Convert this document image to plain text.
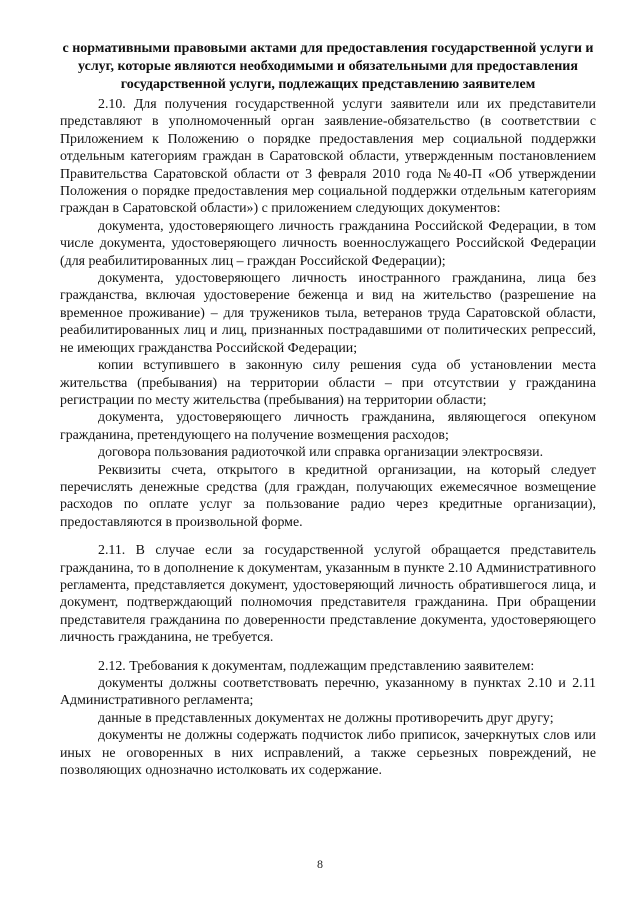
с нормативными правовыми актами для предоставления государственной услуги и услуг, которые являются необходимыми и обязательными для предоставления государственной услуги, подлежащих представлению заявителем

2.10. Для получения государственной услуги заявители или их представители представляют в уполномоченный орган заявление-обязательство (в соответствии с Приложением к Положению о порядке предоставления мер социальной поддержки отдельным категориям граждан в Саратовской области, утвержденным постановлением Правительства Саратовской области от 3 февраля 2010 года №40-П «Об утверждении Положения о порядке предоставления мер социальной поддержки отдельным категориям граждан в Саратовской области») с приложением следующих документов:

документа, удостоверяющего личность гражданина Российской Федерации, в том числе документа, удостоверяющего личность военнослужащего Российской Федерации (для реабилитированных лиц – граждан Российской Федерации);

документа, удостоверяющего личность иностранного гражданина, лица без гражданства, включая удостоверение беженца и вид на жительство (разрешение на временное проживание) – для тружеников тыла, ветеранов труда Саратовской области, реабилитированных лиц и лиц, признанных пострадавшими от политических репрессий, не имеющих гражданства Российской Федерации;

копии вступившего в законную силу решения суда об установлении места жительства (пребывания) на территории области – при отсутствии у гражданина регистрации по месту жительства (пребывания) на территории области;

документа, удостоверяющего личность гражданина, являющегося опекуном гражданина, претендующего на получение возмещения расходов;

договора пользования радиоточкой или справка организации электросвязи.

Реквизиты счета, открытого в кредитной организации, на который следует перечислять денежные средства (для граждан, получающих ежемесячное возмещение расходов по оплате услуг за пользование радио через кредитные организации), предоставляются в произвольной форме.

2.11. В случае если за государственной услугой обращается представитель гражданина, то в дополнение к документам, указанным в пункте 2.10 Административного регламента, представляется документ, удостоверяющий личность обратившегося лица, и документ, подтверждающий полномочия представителя гражданина. При обращении представителя гражданина по доверенности представление документа, удостоверяющего личность гражданина, не требуется.

2.12. Требования к документам, подлежащим представлению заявителем:

документы должны соответствовать перечню, указанному в пунктах 2.10 и 2.11 Административного регламента;

данные в представленных документах не должны противоречить друг другу;

документы не должны содержать подчисток либо приписок, зачеркнутых слов или иных не оговоренных в них исправлений, а также серьезных повреждений, не позволяющих однозначно истолковать их содержание.

8
